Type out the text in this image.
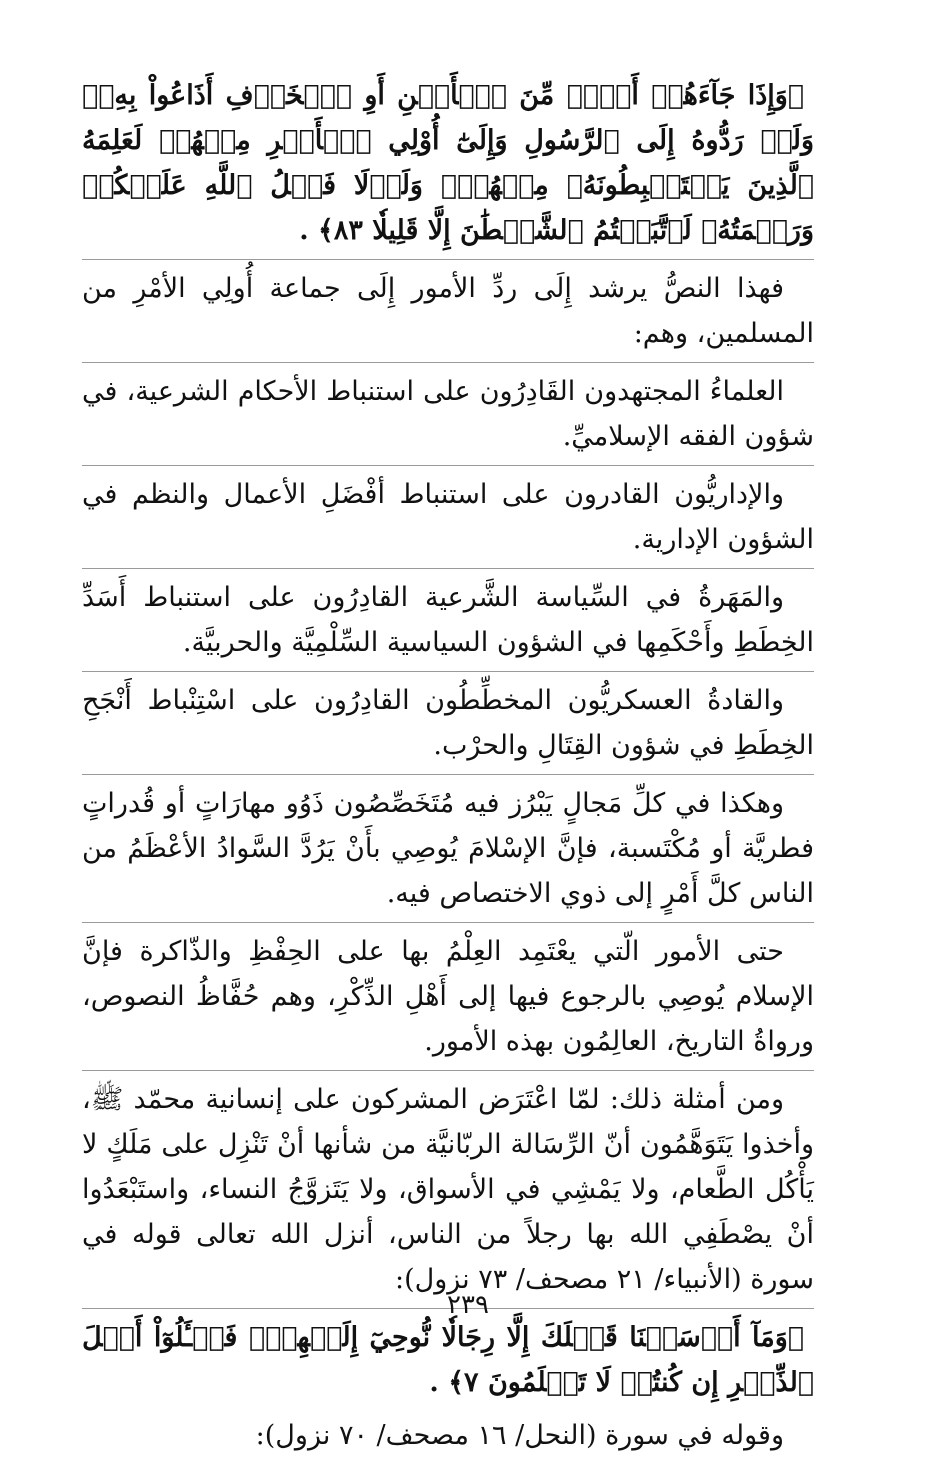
﴿وَإِذَا جَآءَهُمۡ أَمۡرٞ مِّنَ ٱلۡأَمۡنِ أَوِ ٱلۡخَوۡفِ أَذَاعُواْ بِهِۦۖ وَلَوۡ رَدُّوهُ إِلَى ٱلرَّسُولِ وَإِلَىٰٓ أُوْلِي ٱلۡأَمۡرِ مِنۡهُمۡ لَعَلِمَهُ ٱلَّذِينَ يَسۡتَنۢبِطُونَهُۥ مِنۡهُمۡۗ وَلَوۡلَا فَضۡلُ ٱللَّهِ عَلَيۡكُمۡ وَرَحۡمَتُهُۥ لَٱتَّبَعۡتُمُ ٱلشَّيۡطَٰنَ إِلَّا قَلِيلٗا ٨٣﴾ .

فهذا النصُّ يرشد إِلَى ردِّ الأمور إِلَى جماعة أُولِي الأمْرِ من المسلمين، وهم:

العلماءُ المجتهدون القَادِرُون على استنباط الأحكام الشرعية، في شؤون الفقه الإسلاميِّ.

والإداريُّون القادرون على استنباط أفْضَلِ الأعمال والنظم في الشؤون الإدارية.

والمَهَرةُ في السِّياسة الشَّرعية القادِرُون على استنباط أَسَدِّ الخِطَطِ وأَحْكَمِها في الشؤون السياسية السِّلْمِيَّة والحربيَّة.

والقادةُ العسكريُّون المخطِّطُون القادِرُون على اسْتِنْباط أَنْجَحِ الخِطَطِ في شؤون القِتَالِ والحرْب.

وهكذا في كلِّ مَجالٍ يَبْرُز فيه مُتَخَصِّصُون ذَوُو مهارَاتٍ أو قُدراتٍ فطريَّة أو مُكْتَسبة، فإنَّ الإسْلامَ يُوصِي بأَنْ يَرُدَّ السَّوادُ الأعْظَمُ من الناس كلَّ أَمْرٍ إلى ذوي الاختصاص فيه.

حتى الأمور الّتي يعْتَمِد العِلْمُ بها على الحِفْظِ والذّاكرة فإنَّ الإسلام يُوصِي بالرجوع فيها إلى أَهْلِ الذِّكْرِ، وهم حُفَّاظُ النصوص، ورواةُ التاريخ، العالِمُون بهذه الأمور.

ومن أمثلة ذلك: لمّا اعْتَرَض المشركون على إنسانية محمّد ﷺ، وأخذوا يَتَوَهَّمُون أنّ الرِّسَالة الربّانيَّة من شأنها أنْ تَنْزِل على مَلَكٍ لا يَأْكُل الطَّعام، ولا يَمْشِي في الأسواق، ولا يَتَزوَّجُ النساء، واستَبْعَدُوا أنْ يصْطَفِي الله بها رجلاً من الناس، أنزل الله تعالى قوله في سورة (الأنبياء/ ٢١ مصحف/ ٧٣ نزول):

﴿وَمَآ أَرۡسَلۡنَا قَبۡلَكَ إِلَّا رِجَالٗا نُّوحِيٓ إِلَيۡهِمۡۖ فَسۡـَٔلُوٓاْ أَهۡلَ ٱلذِّكۡرِ إِن كُنتُمۡ لَا تَعۡلَمُونَ ٧﴾ .

وقوله في سورة (النحل/ ١٦ مصحف/ ٧٠ نزول):

٢٣٩
